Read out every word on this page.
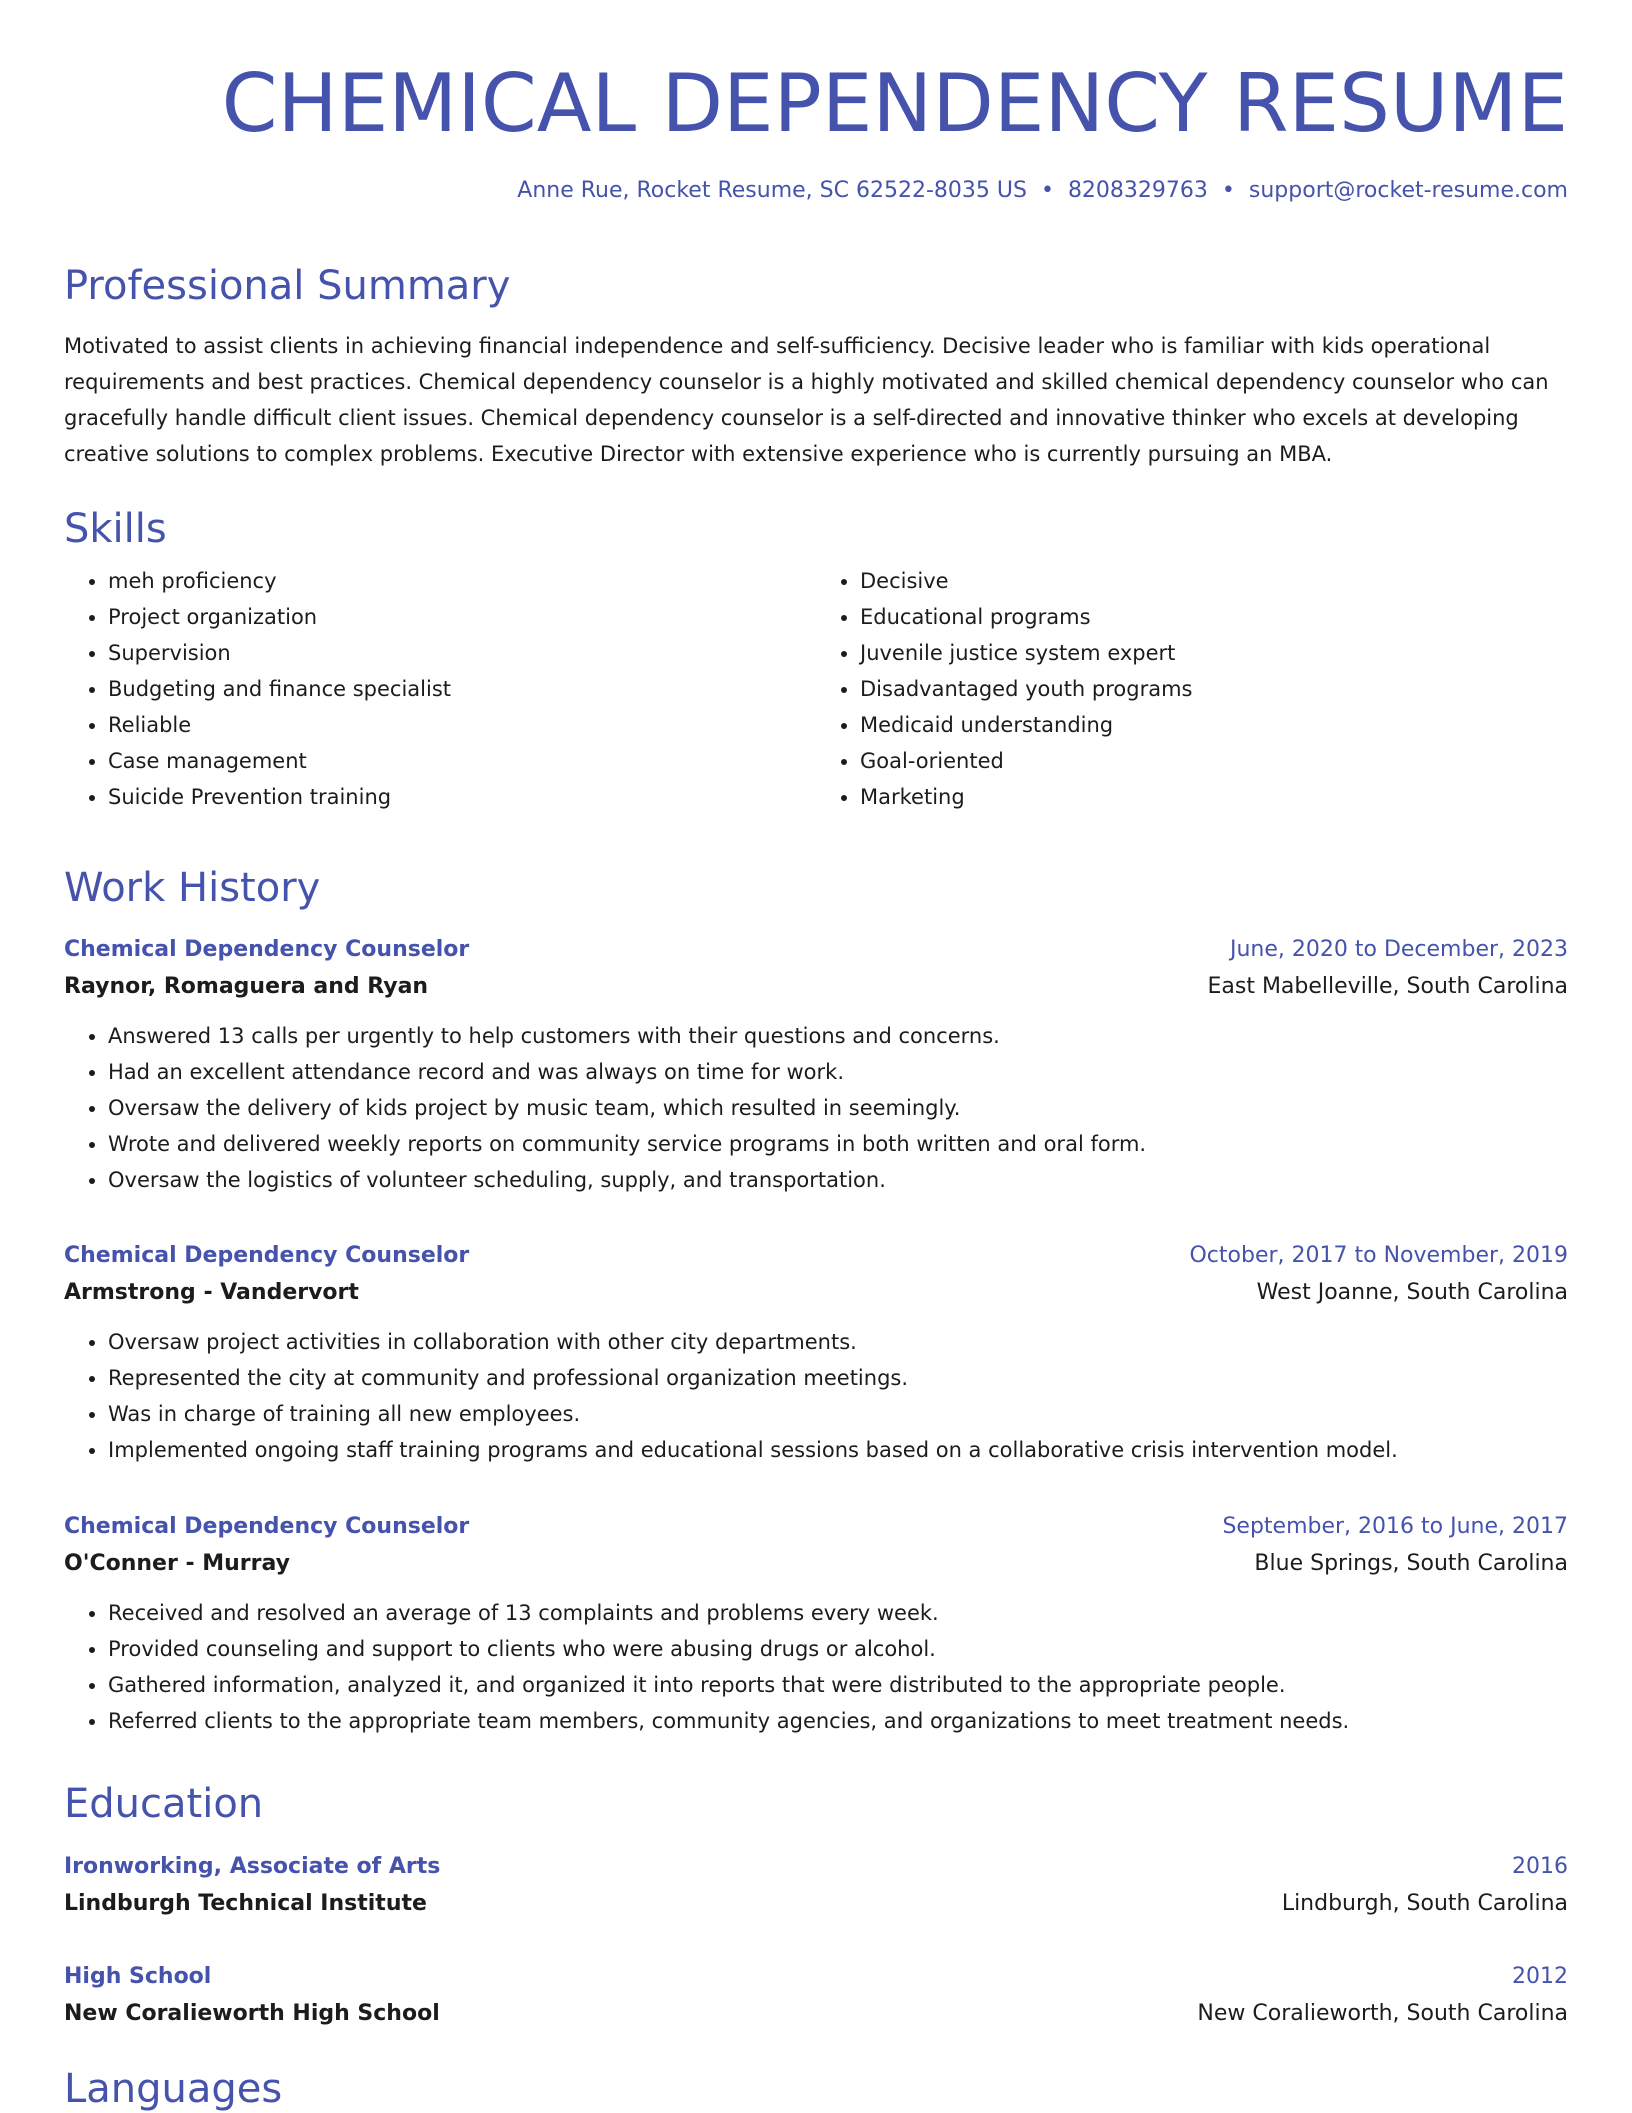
CHEMICAL DEPENDENCY RESUME
Anne Rue, Rocket Resume, SC 62522-8035 US • 8208329763 • support@rocket-resume.com
Professional Summary

Motivated to assist clients in achieving financial independence and self-sufficiency. Decisive leader who is familiar with kids operational requirements and best practices. Chemical dependency counselor is a highly motivated and skilled chemical dependency counselor who can gracefully handle difficult client issues. Chemical dependency counselor is a self-directed and innovative thinker who excels at developing creative solutions to complex problems. Executive Director with extensive experience who is currently pursuing an MBA.

Skills
• meh proficiency
• Project organization
• Supervision
• Budgeting and finance specialist
• Reliable
• Case management
• Suicide Prevention training
• Decisive
• Educational programs
• Juvenile justice system expert
• Disadvantaged youth programs
• Medicaid understanding
• Goal-oriented
• Marketing
Work History
Chemical Dependency Counselor	June, 2020 to December, 2023
Raynor, Romaguera and Ryan	East Mabelleville, South Carolina
• Answered 13 calls per urgently to help customers with their questions and concerns.
• Had an excellent attendance record and was always on time for work.
• Oversaw the delivery of kids project by music team, which resulted in seemingly.
• Wrote and delivered weekly reports on community service programs in both written and oral form.
• Oversaw the logistics of volunteer scheduling, supply, and transportation.
Chemical Dependency Counselor	October, 2017 to November, 2019
Armstrong - Vandervort	West Joanne, South Carolina
• Oversaw project activities in collaboration with other city departments.
• Represented the city at community and professional organization meetings.
• Was in charge of training all new employees.
• Implemented ongoing staff training programs and educational sessions based on a collaborative crisis intervention model.
Chemical Dependency Counselor	September, 2016 to June, 2017
O'Conner - Murray	Blue Springs, South Carolina
• Received and resolved an average of 13 complaints and problems every week.
• Provided counseling and support to clients who were abusing drugs or alcohol.
• Gathered information, analyzed it, and organized it into reports that were distributed to the appropriate people.
• Referred clients to the appropriate team members, community agencies, and organizations to meet treatment needs.
Education
Ironworking, Associate of Arts	2016
Lindburgh Technical Institute	Lindburgh, South Carolina
High School	2012
New Coralieworth High School	New Coralieworth, South Carolina
Languages
